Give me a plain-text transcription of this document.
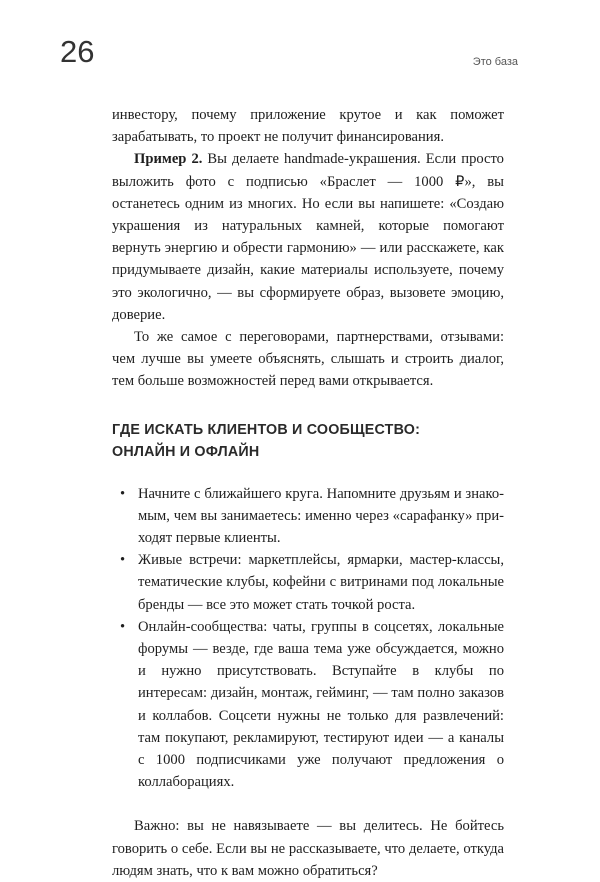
26	Это база

инвестору, почему приложение крутое и как поможет зарабатывать, то проект не получит финансирования.

Пример 2. Вы делаете handmade-украшения. Если просто выложить фото с подписью «Браслет — 1000 ₽», вы останетесь одним из многих. Но если вы напишете: «Создаю украшения из натуральных камней, которые помогают вернуть энергию и обрести гармонию» — или расскажете, как придумываете дизайн, какие материалы используете, почему это экологично, — вы сформируете образ, вызовете эмоцию, доверие.

То же самое с переговорами, партнерствами, отзывами: чем лучше вы умеете объяснять, слышать и строить диалог, тем больше возможностей перед вами открывается.

ГДЕ ИСКАТЬ КЛИЕНТОВ И СООБЩЕСТВО:
ОНЛАЙН И ОФЛАЙН
• Начните с ближайшего круга. Напомните друзьям и знакомым, чем вы занимаетесь: именно через «сарафанку» приходят первые клиенты.

• Живые встречи: маркетплейсы, ярмарки, мастер-классы, тематические клубы, кофейни с витринами под локальные бренды — все это может стать точкой роста.

• Онлайн-сообщества: чаты, группы в соцсетях, локальные форумы — везде, где ваша тема уже обсуждается, можно и нужно присутствовать. Вступайте в клубы по интересам: дизайн, монтаж, гейминг, — там полно заказов и коллабов. Соцсети нужны не только для развлечений: там покупают, рекламируют, тестируют идеи — а каналы с 1000 подписчиками уже получают предложения о коллаборациях.

Важно: вы не навязываете — вы делитесь. Не бойтесь говорить о себе. Если вы не рассказываете, что делаете, откуда людям знать, что к вам можно обратиться?
